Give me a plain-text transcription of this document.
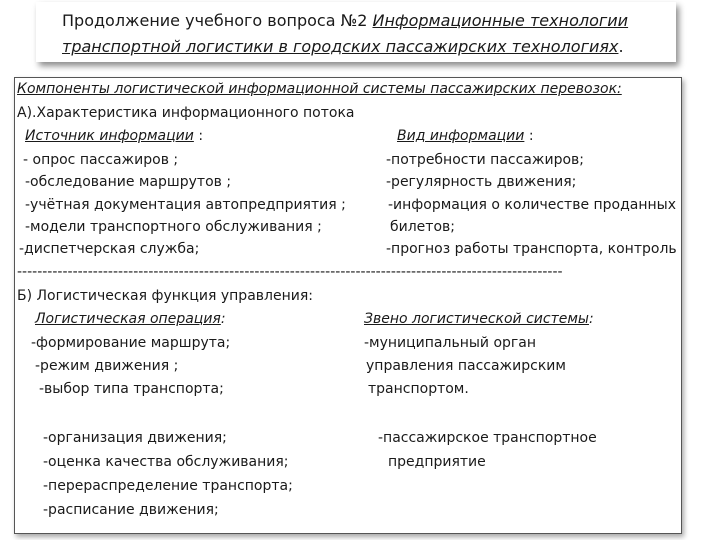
Продолжение учебного вопроса №2 Информационные технологии
транспортной логистики в городских пассажирских технологиях.
Компоненты логистической информационной системы пассажирских перевозок:
А).Характеристика информационного потока
Источник информации :	Вид информации :
- опрос пассажиров ;
-обследование маршрутов ;
-учётная документация автопредприятия ;
-модели транспортного обслуживания ;
-диспетчерская служба;
-потребности пассажиров;
-регулярность движения;
-информация о количестве проданных
билетов;
-прогноз работы транспорта, контроль
------------------------------------------------------------------------------------------------------------
Б) Логистическая функция управления:
Логистическая операция:	Звено логистической системы:
-формирование маршрута;
-режим движения ;
-выбор типа транспорта;
-муниципальный орган
управления пассажирским
транспортом.
-организация движения;
-оценка качества обслуживания;
-перераспределение транспорта;
-расписание движения;
-пассажирское транспортное
предприятие
